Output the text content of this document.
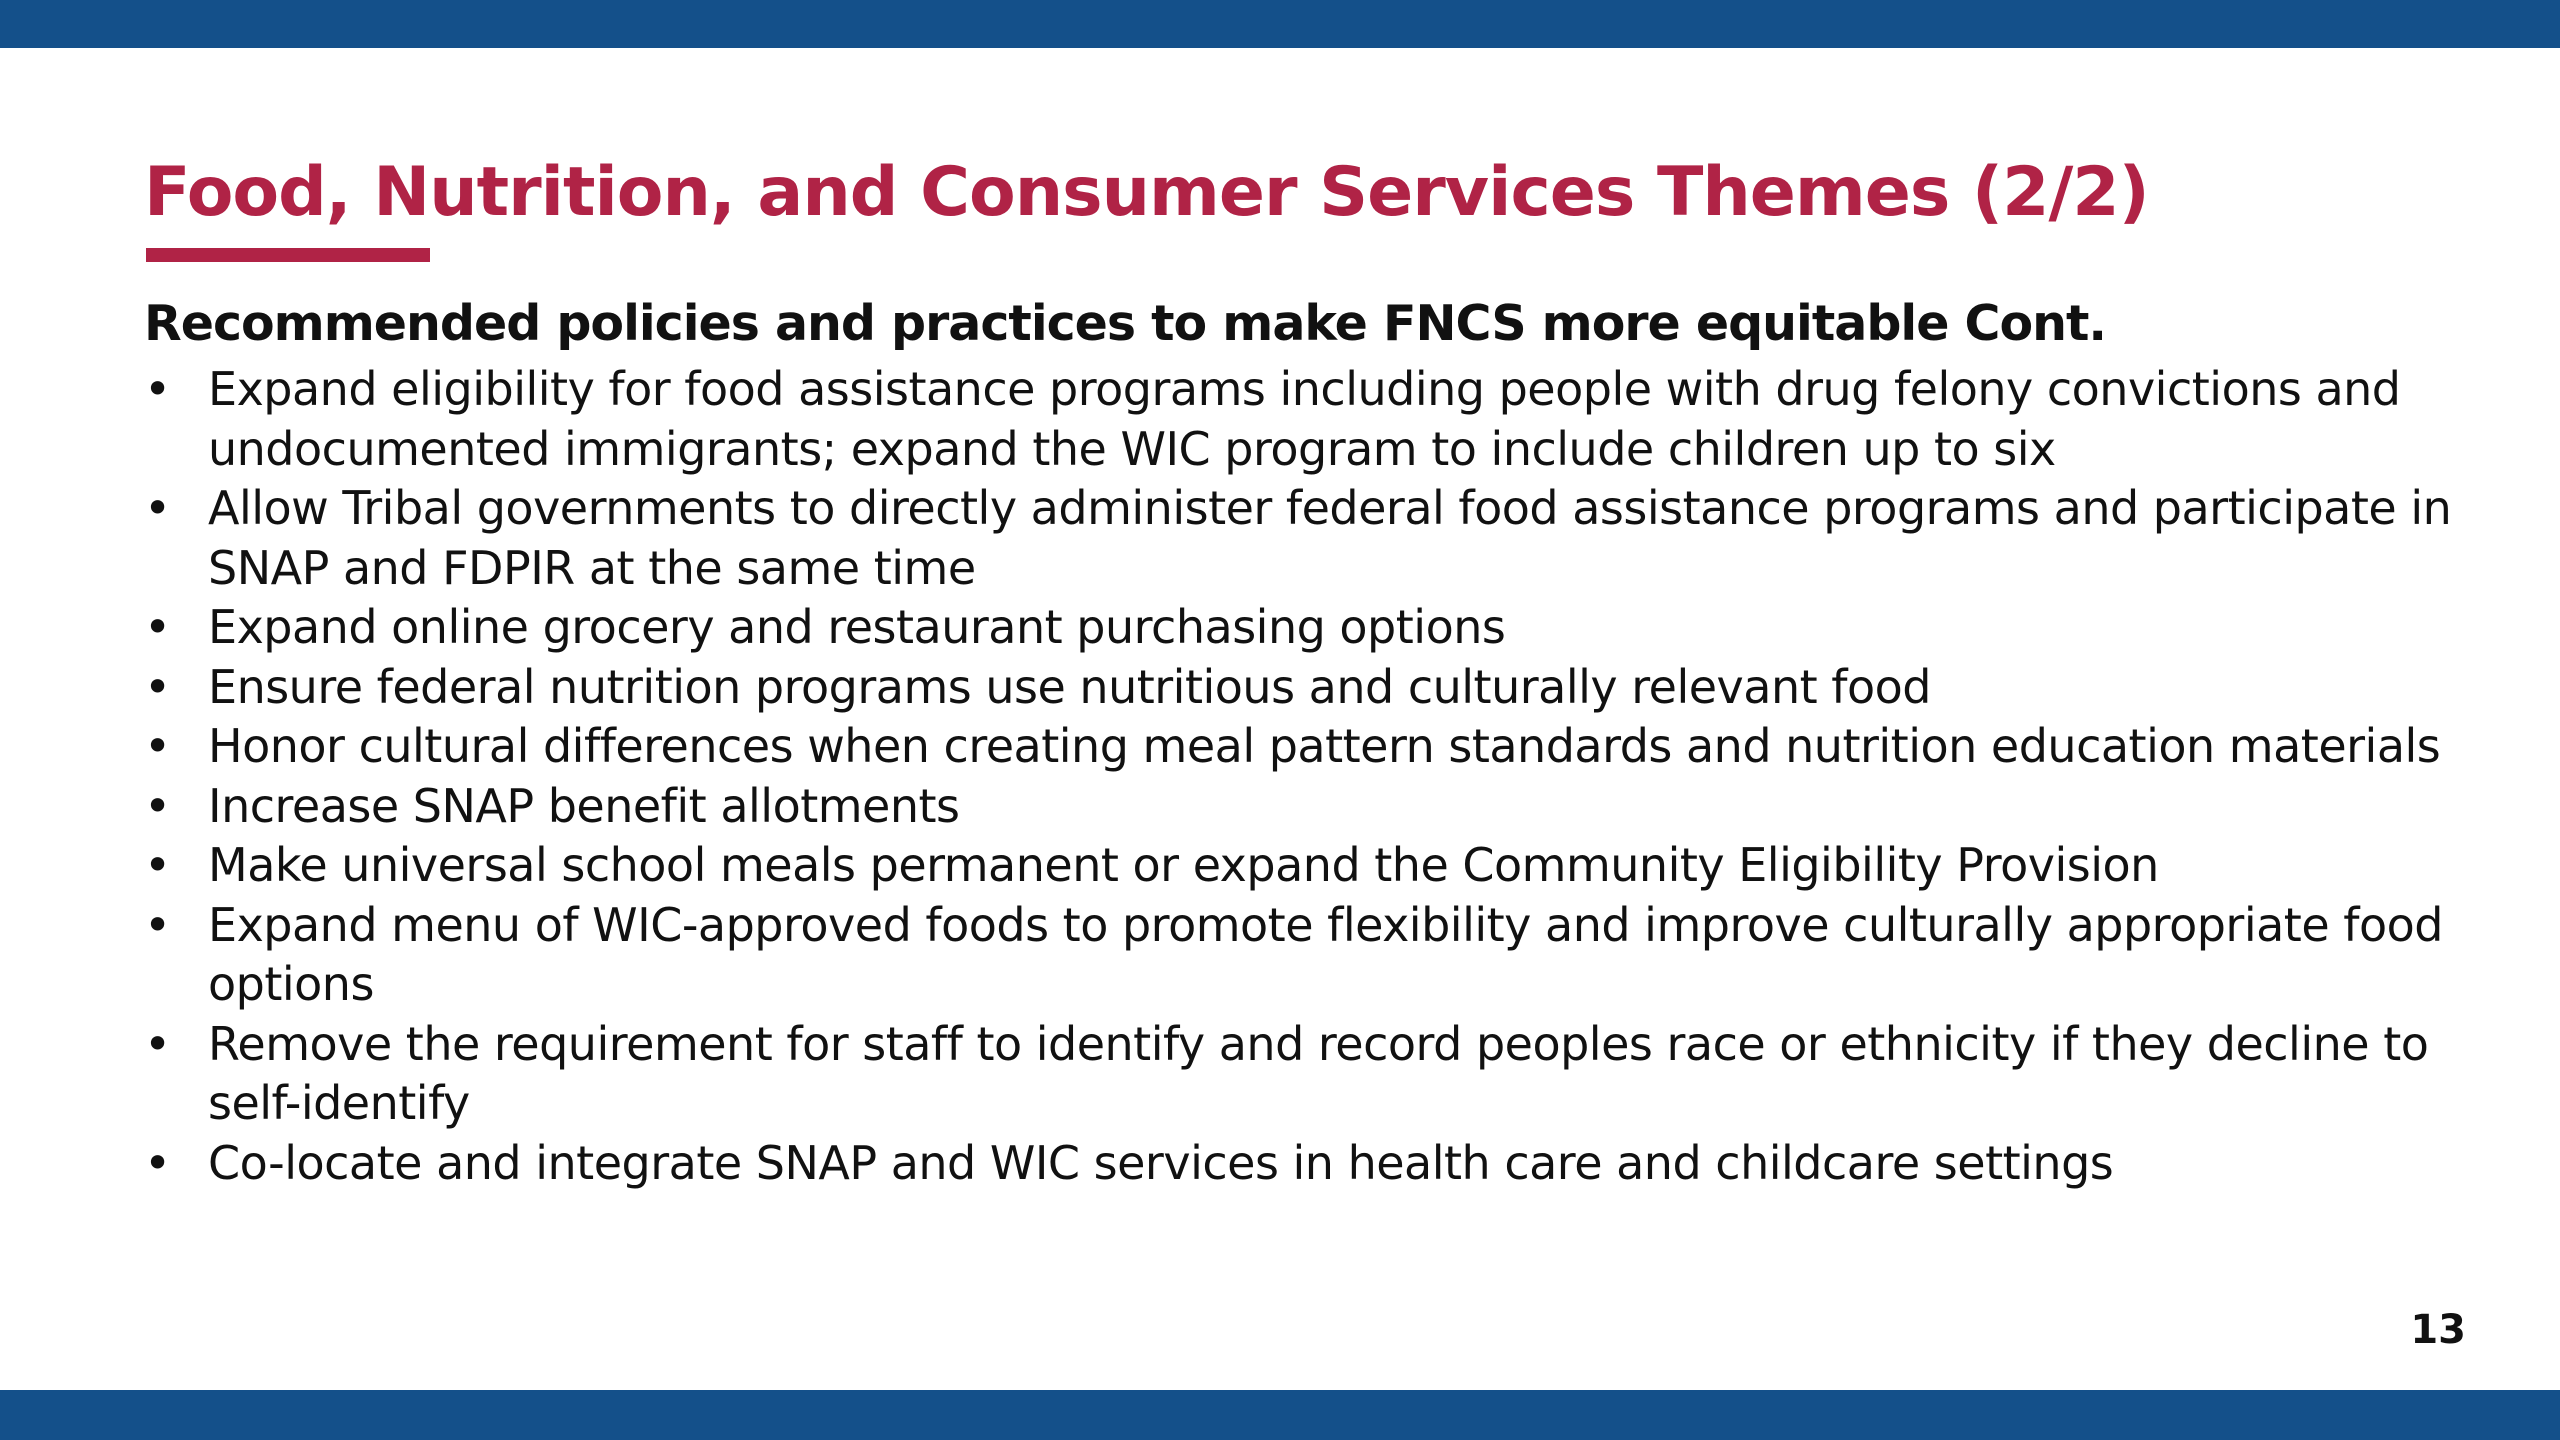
Food, Nutrition, and Consumer Services Themes (2/2)

Recommended policies and practices to make FNCS more equitable Cont.

• Expand eligibility for food assistance programs including people with drug felony convictions and undocumented immigrants; expand the WIC program to include children up to six
• Allow Tribal governments to directly administer federal food assistance programs and participate in SNAP and FDPIR at the same time
• Expand online grocery and restaurant purchasing options
• Ensure federal nutrition programs use nutritious and culturally relevant food
• Honor cultural differences when creating meal pattern standards and nutrition education materials
• Increase SNAP benefit allotments
• Make universal school meals permanent or expand the Community Eligibility Provision
• Expand menu of WIC-approved foods to promote flexibility and improve culturally appropriate food options
• Remove the requirement for staff to identify and record peoples race or ethnicity if they decline to self-identify
• Co-locate and integrate SNAP and WIC services in health care and childcare settings
13
